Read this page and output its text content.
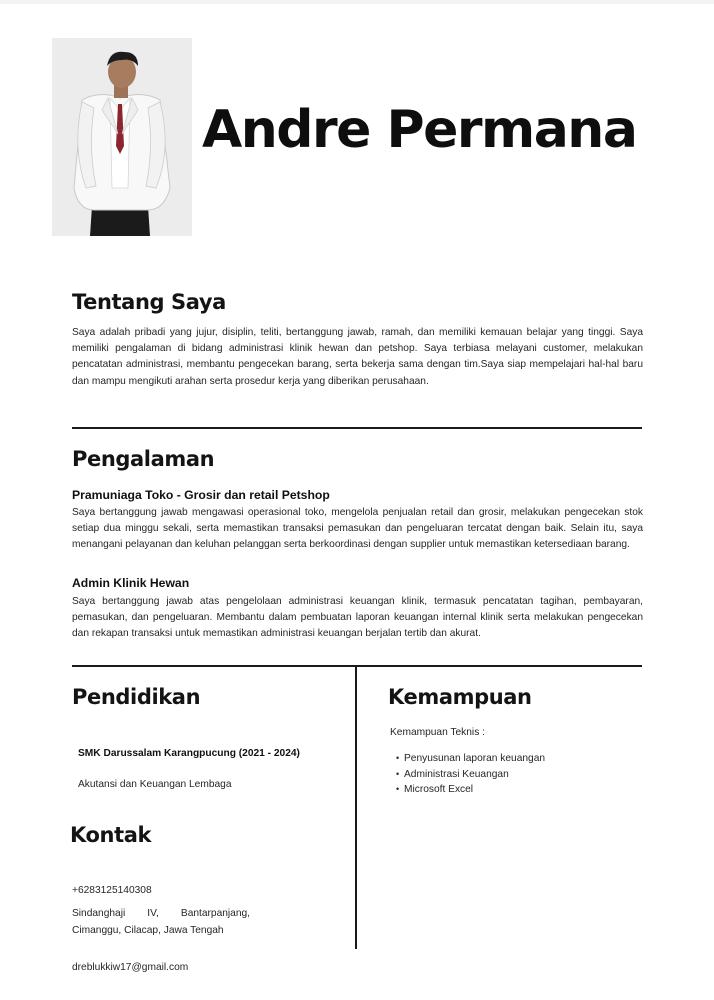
Andre Permana
Tentang Saya
Saya adalah pribadi yang jujur, disiplin, teliti, bertanggung jawab, ramah, dan memiliki kemauan belajar yang tinggi. Saya memiliki pengalaman di bidang administrasi klinik hewan dan petshop. Saya terbiasa melayani customer, melakukan pencatatan administrasi, membantu pengecekan barang, serta bekerja sama dengan tim.Saya siap mempelajari hal-hal baru dan mampu mengikuti arahan serta prosedur kerja yang diberikan perusahaan.
Pengalaman
Pramuniaga Toko - Grosir dan retail Petshop
Saya bertanggung jawab mengawasi operasional toko, mengelola penjualan retail dan grosir, melakukan pengecekan stok setiap dua minggu sekali, serta memastikan transaksi pemasukan dan pengeluaran tercatat dengan baik. Selain itu, saya menangani pelayanan dan keluhan pelanggan serta berkoordinasi dengan supplier untuk memastikan ketersediaan barang.
Admin Klinik Hewan
Saya bertanggung jawab atas pengelolaan administrasi keuangan klinik, termasuk pencatatan tagihan, pembayaran, pemasukan, dan pengeluaran. Membantu dalam pembuatan laporan keuangan internal klinik serta melakukan pengecekan dan rekapan transaksi untuk memastikan administrasi keuangan berjalan tertib dan akurat.
Pendidikan
SMK Darussalam Karangpucung (2021 - 2024)
Akutansi dan Keuangan Lembaga
Kemampuan
Kemampuan Teknis :
• Penyusunan laporan keuangan
• Administrasi Keuangan
• Microsoft Excel
Kontak
+6283125140308
Sindanghaji IV, Bantarpanjang, Cimanggu, Cilacap, Jawa Tengah
dreblukkiw17@gmail.com
